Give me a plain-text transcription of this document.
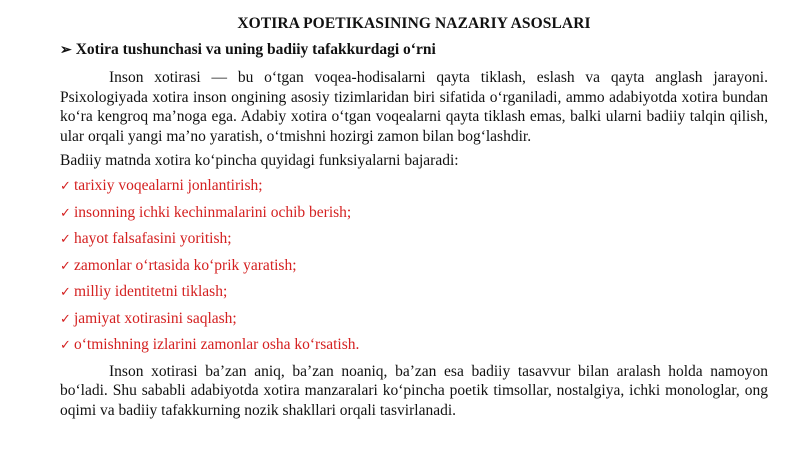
XOTIRA POETIKASINING NAZARIY ASOSLARI
➢ Xotira tushunchasi va uning badiiy tafakkurdagi o‘rni

Inson xotirasi — bu o‘tgan voqea-hodisalarni qayta tiklash, eslash va qayta anglash jarayoni. Psixologiyada xotira inson ongining asosiy tizimlaridan biri sifatida o‘rganiladi, ammo adabiyotda xotira bundan ko‘ra kengroq ma’noga ega. Adabiy xotira o‘tgan voqealarni qayta tiklash emas, balki ularni badiiy talqin qilish, ular orqali yangi ma’no yaratish, o‘tmishni hozirgi zamon bilan bog‘lashdir.

Badiiy matnda xotira ko‘pincha quyidagi funksiyalarni bajaradi:

✓ tarixiy voqealarni jonlantirish;
✓ insonning ichki kechinmalarini ochib berish;
✓ hayot falsafasini yoritish;
✓ zamonlar o‘rtasida ko‘prik yaratish;
✓ milliy identitetni tiklash;
✓ jamiyat xotirasini saqlash;
✓ o‘tmishning izlarini zamonlar osha ko‘rsatish.

Inson xotirasi ba’zan aniq, ba’zan noaniq, ba’zan esa badiiy tasavvur bilan aralash holda namoyon bo‘ladi. Shu sababli adabiyotda xotira manzaralari ko‘pincha poetik timsollar, nostalgiya, ichki monologlar, ong oqimi va badiiy tafakkurning nozik shakllari orqali tasvirlanadi.
